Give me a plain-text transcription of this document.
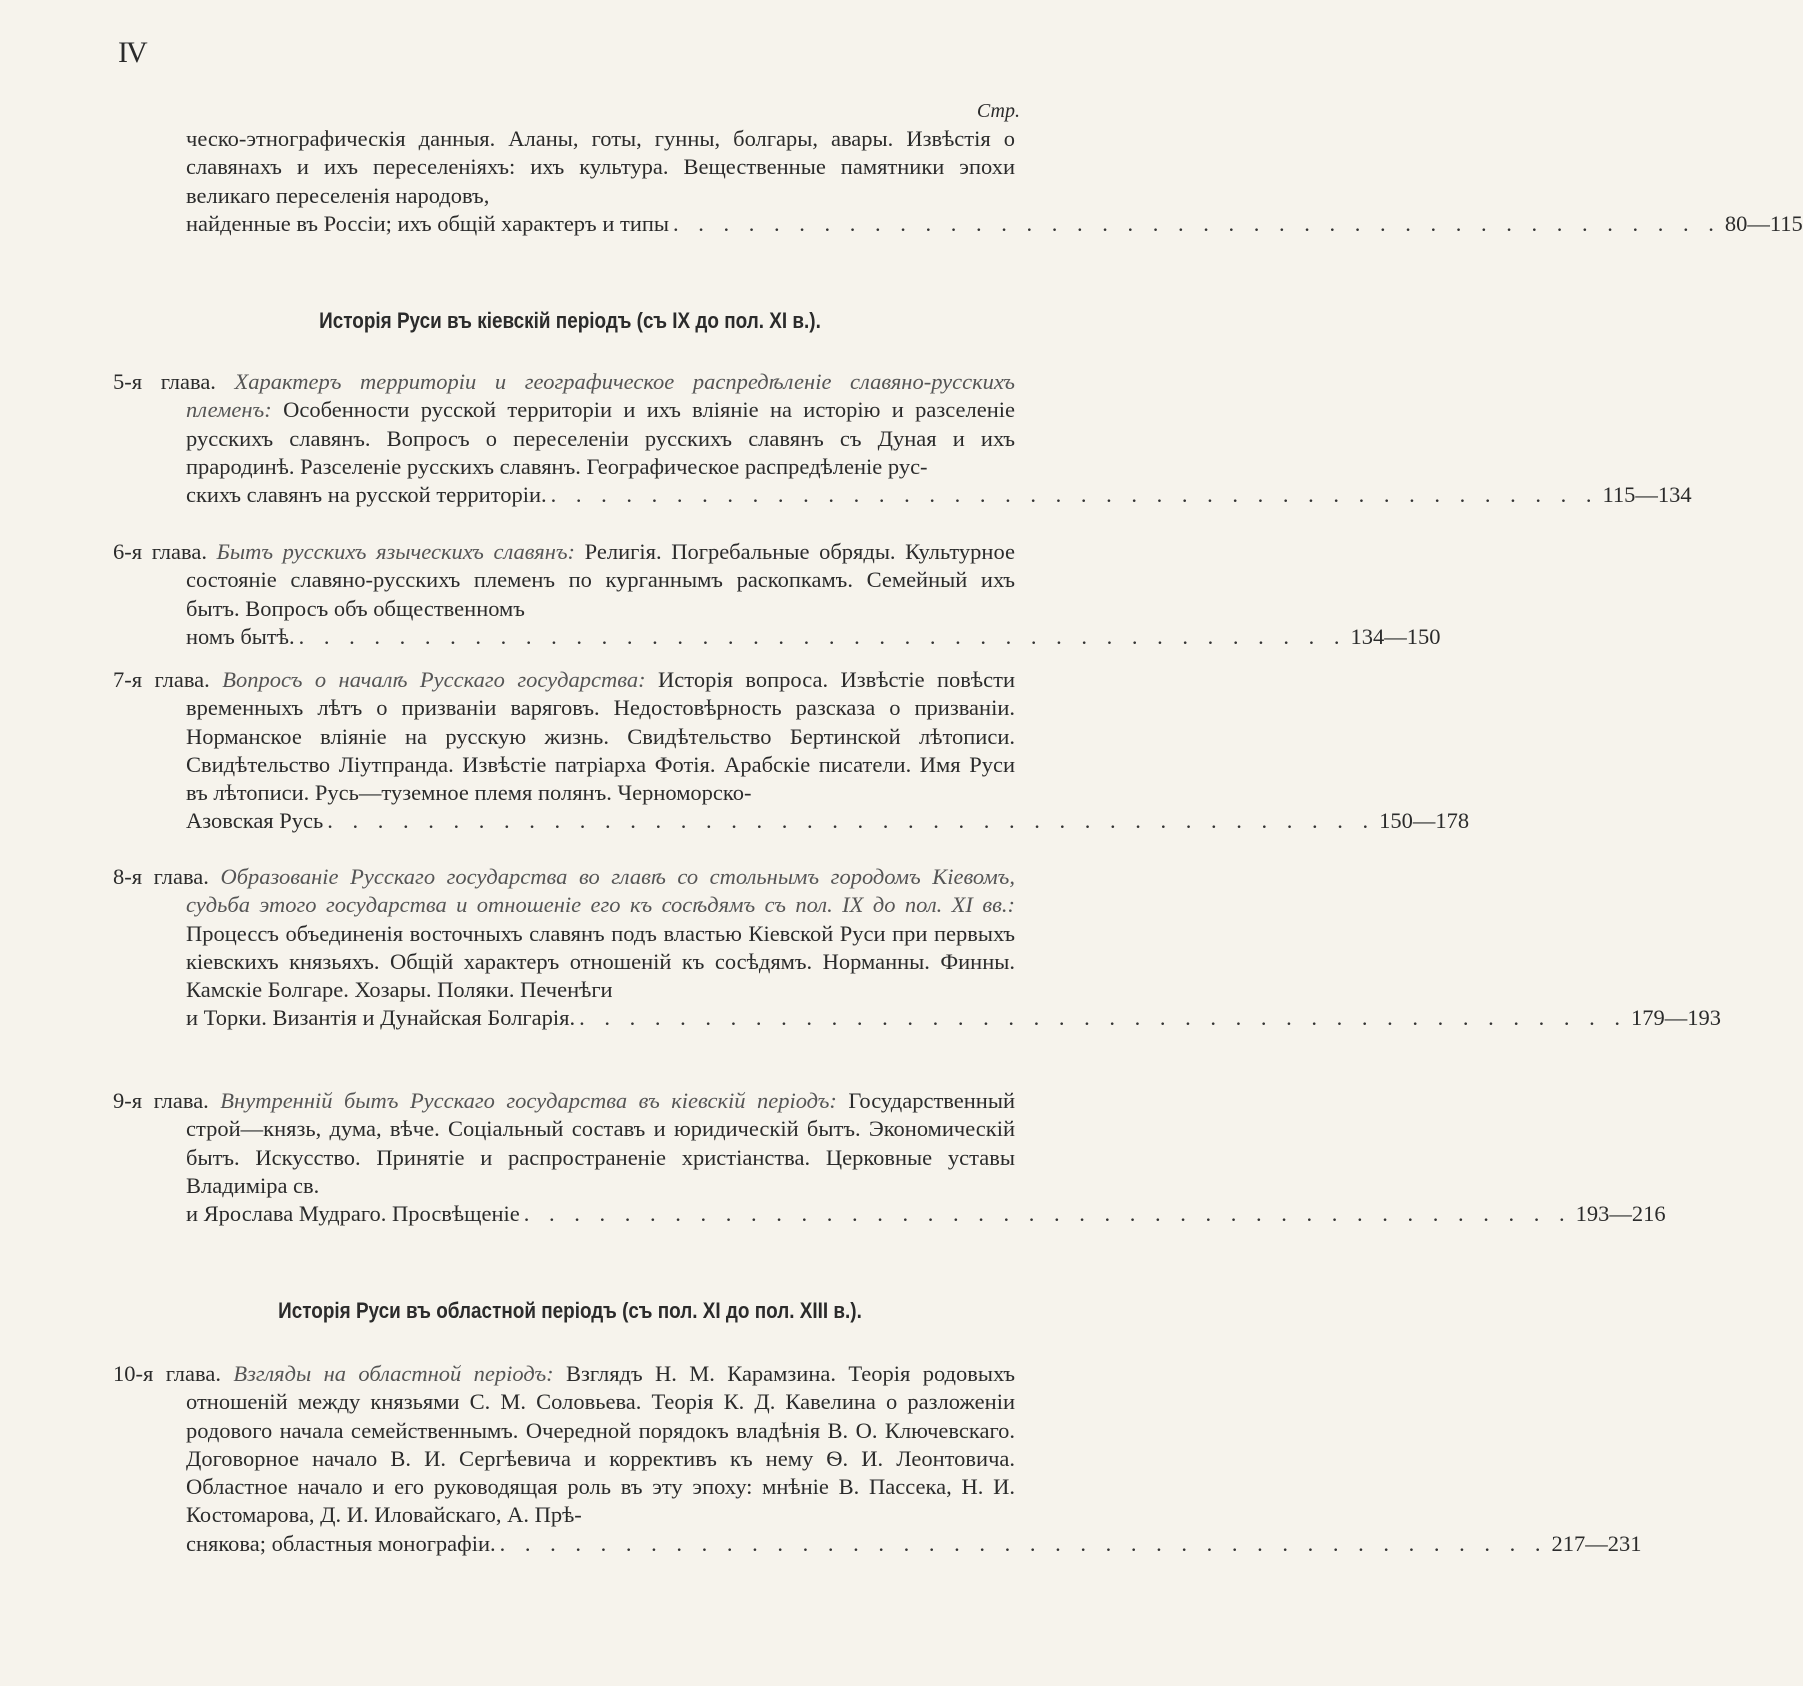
IV
Стр.

ческо-этнографическія данныя. Аланы, готы, гунны, болгары, авары. Извѣстія о славянахъ и ихъ переселеніяхъ: ихъ культура. Вещественные памятники эпохи великаго переселенія народовъ,

найденные въ Россіи; ихъ общій характеръ и типы . . . . . . . . . . . . . . . . . . . . . . . . . . . . . . . . . . . . . . . . . . 80—115
Исторія Руси въ кіевскій періодъ (съ IX до пол. XI в.).

5-я глава. Характеръ территоріи и географическое распредѣленіе славяно-русскихъ племенъ: Особенности русской территоріи и ихъ вліяніе на исторію и разселеніе русскихъ славянъ. Вопросъ о переселеніи русскихъ славянъ съ Дуная и ихъ прародинѣ. Разселеніе русскихъ славянъ. Географическое распредѣленіе рус-

скихъ славянъ на русской территоріи. . . . . . . . . . . . . . . . . . . . . . . . . . . . . . . . . . . . . . . . . . . 115—134

6-я глава. Бытъ русскихъ языческихъ славянъ: Религія. Погребальные обряды. Культурное состояніе славяно-русскихъ племенъ по курганнымъ раскопкамъ. Семейный ихъ бытъ. Вопросъ объ общественномъ

номъ бытѣ. . . . . . . . . . . . . . . . . . . . . . . . . . . . . . . . . . . . . . . . . . . 134—150

7-я глава. Вопросъ о началѣ Русскаго государства: Исторія вопроса. Извѣстіе повѣсти временныхъ лѣтъ о призваніи варяговъ. Недостовѣрность разсказа о призваніи. Норманское вліяніе на русскую жизнь. Свидѣтельство Бертинской лѣтописи. Свидѣтельство Ліутпранда. Извѣстіе патріарха Фотія. Арабскіе писатели. Имя Руси въ лѣтописи. Русь—туземное племя полянъ. Черноморско-

Азовская Русь . . . . . . . . . . . . . . . . . . . . . . . . . . . . . . . . . . . . . . . . . . 150—178

8-я глава. Образованіе Русскаго государства во главѣ со стольнымъ городомъ Кіевомъ, судьба этого государства и отношеніе его къ сосѣдямъ съ пол. IX до пол. XI вв.: Процессъ объединенія восточныхъ славянъ подъ властью Кіевской Руси при первыхъ кіевскихъ князьяхъ. Общій характеръ отношеній къ сосѣдямъ. Норманны. Финны. Камскіе Болгаре. Хозары. Поляки. Печенѣги

и Торки. Византія и Дунайская Болгарія. . . . . . . . . . . . . . . . . . . . . . . . . . . . . . . . . . . . . . . . . . . 179—193

9-я глава. Внутренній бытъ Русскаго государства въ кіевскій періодъ: Государственный строй—князь, дума, вѣче. Соціальный составъ и юридическій бытъ. Экономическій бытъ. Искусство. Принятіе и распространеніе христіанства. Церковные уставы Владиміра св.

и Ярослава Мудраго. Просвѣщеніе . . . . . . . . . . . . . . . . . . . . . . . . . . . . . . . . . . . . . . . . . . 193—216
Исторія Руси въ областной періодъ (съ пол. XI до пол. XIII в.).

10-я глава. Взгляды на областной періодъ: Взглядъ Н. М. Карамзина. Теорія родовыхъ отношеній между князьями С. М. Соловьева. Теорія К. Д. Кавелина о разложеніи родового начала семейственнымъ. Очередной порядокъ владѣнія В. О. Ключевскаго. Договорное начало В. И. Сергѣевича и коррективъ къ нему Ѳ. И. Леонтовича. Областное начало и его руководящая роль въ эту эпоху: мнѣніе В. Пассека, Н. И. Костомарова, Д. И. Иловайскаго, А. Прѣ-

снякова; областныя монографіи. . . . . . . . . . . . . . . . . . . . . . . . . . . . . . . . . . . . . . . . . . . 217—231
